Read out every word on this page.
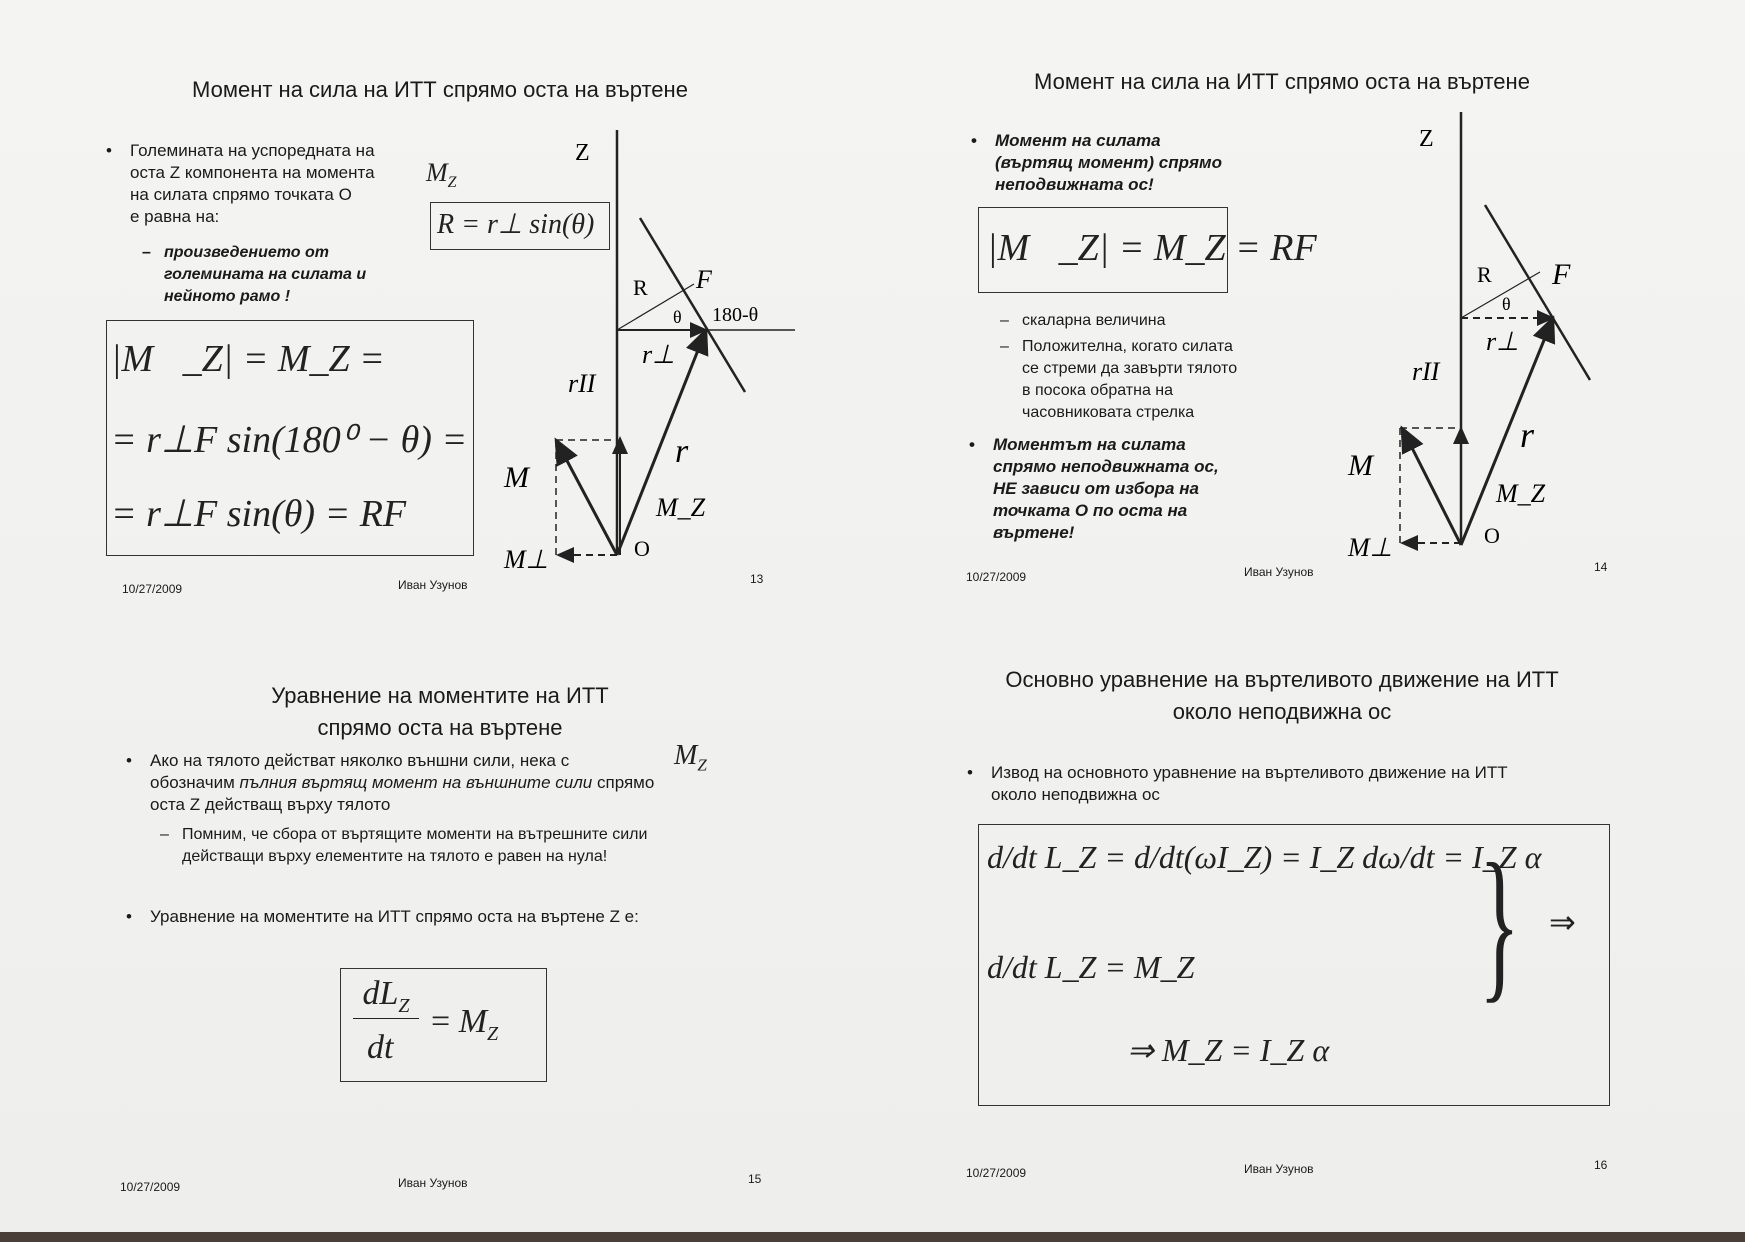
Момент на сила на ИТТ спрямо оста на въртене
• Големината на успоредната на
оста Z компонента на момента
на силата спрямо точката О
е равна на:
$M_Z$
– произведението от
големината на силата и
нейното рамо !
R = r⊥ sin(θ)
|M⃗_Z| = M_Z =
= r⊥F sin(180⁰ − θ) =
= r⊥F sin(θ) = RF
Z
O
R F
θ 180-θ
r⊥
rII
r
M
M_Z
M⊥
10/27/2009	Иван Узунов	13
Момент на сила на ИТТ спрямо оста на въртене
• Момент на силата
(въртящ момент) спрямо
неподвижната ос!
|M⃗_Z| = M_Z = RF
– скаларна величина
– Положителна, когато силата
се стреми да завърти тялото
в посока обратна на
часовниковата стрелка
• Моментът на силата
спрямо неподвижната ос,
НЕ зависи от избора на
точката О по оста на
въртене!
Z
O
R F
θ
r⊥
rII
r
M
M_Z
M⊥
10/27/2009	Иван Узунов	14
Уравнение на моментите на ИТТ
спрямо оста на въртене
• Ако на тялото действат няколко външни сили, нека с
обозначим пълния въртящ момент на външните сили спрямо
оста Z действащ върху тялото
$M_Z$
– Помним, че сбора от въртящите моменти на вътрешните сили
действащи върху елементите на тялото е равен на нула!
• Уравнение на моментите на ИТТ спрямо оста на въртене Z е:
$dL_Z$
dt
= $M_Z$
10/27/2009	Иван Узунов	15
Основно уравнение на въртеливото движение на ИТТ
около неподвижна ос
• Извод на основното уравнение на въртеливото движение на ИТТ
около неподвижна ос
d/dt L_Z = d/dt(ωI_Z) = I_Z dω/dt = I_Z α
d/dt L_Z = M_Z
⇒ M_Z = I_Z α
} ⇒
10/27/2009	Иван Узунов	16
